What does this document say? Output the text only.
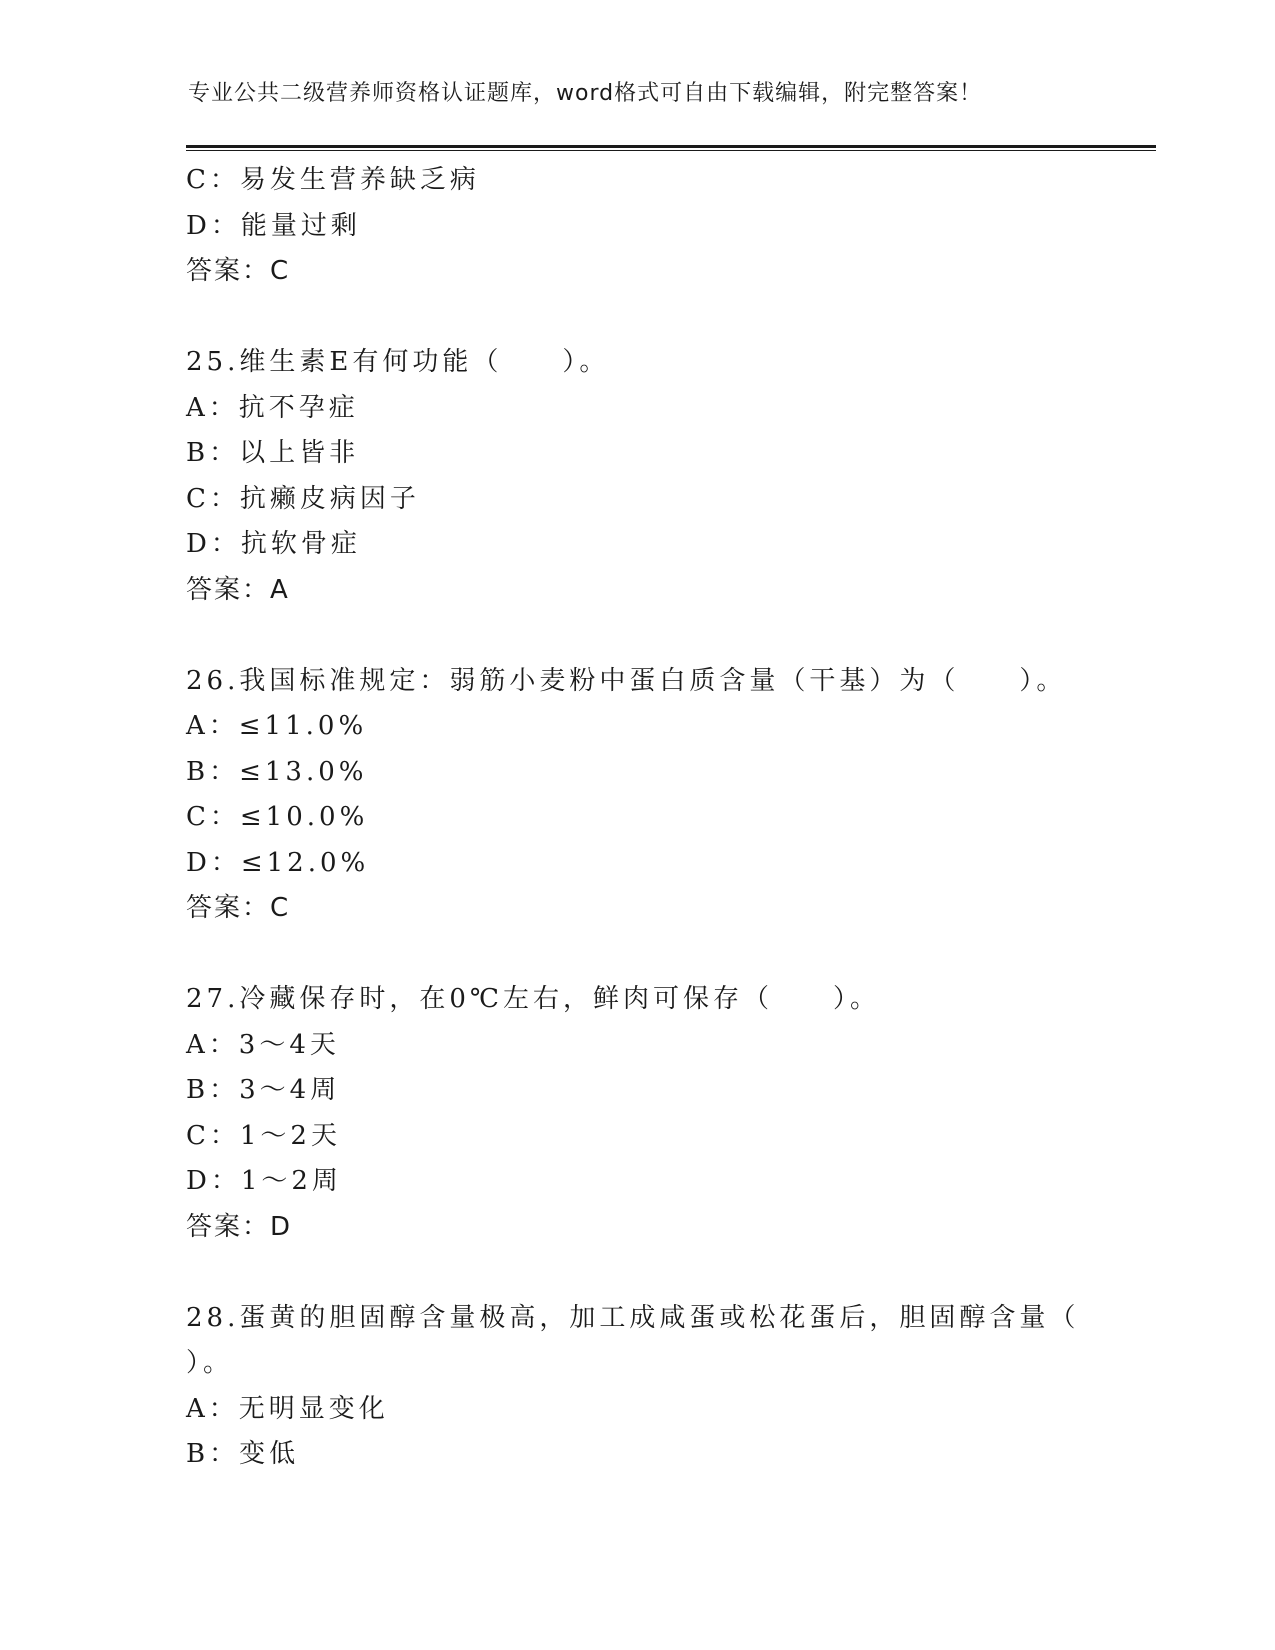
专业公共二级营养师资格认证题库，word格式可自由下载编辑，附完整答案！
C：易发生营养缺乏病
D：能量过剩
答案：C
25.维生素E有何功能（　　）。
A：抗不孕症
B：以上皆非
C：抗癞皮病因子
D：抗软骨症
答案：A
26.我国标准规定：弱筋小麦粉中蛋白质含量（干基）为（　　）。
A：≤11.0%
B：≤13.0%
C：≤10.0%
D：≤12.0%
答案：C
27.冷藏保存时，在0℃左右，鲜肉可保存（　　）。
A：3～4天
B：3～4周
C：1～2天
D：1～2周
答案：D
28.蛋黄的胆固醇含量极高，加工成咸蛋或松花蛋后，胆固醇含量（
）。
A：无明显变化
B：变低
